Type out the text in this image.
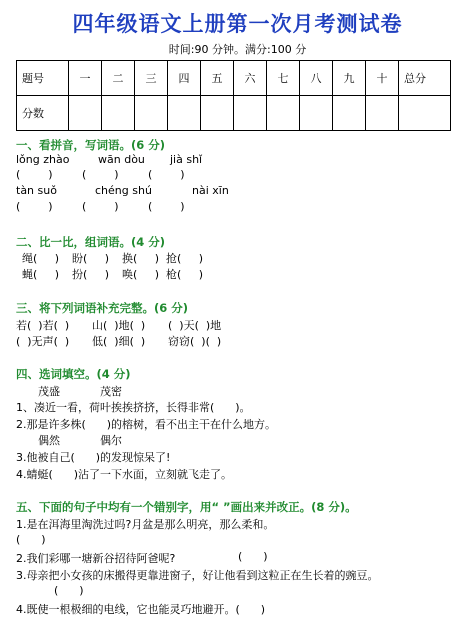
四年级语文上册第一次月考测试卷
时间:90 分钟。满分:100 分
题号	一	二	三	四	五	六	七	八	九	十	总分
分数											
一、看拼音，写词语。(6 分)
lǒng zhào	wān dòu jià shǐ
(        )	(        )	(        )
tàn suǒ	chéng shú	nài xīn
(        )	(        )	(        )
二、比一比，组词语。(4 分)
绳(     ) 盼(     ) 换(     ) 抢(     )
蝇(     ) 扮(     ) 唤(     ) 枪(     )
三、将下列词语补充完整。(6 分)
若(  )若(  ) 山(  )地(  ) (  )天(  )地
(  )无声(  ) 低(  )细(  ) 窃窃(  )(  )
四、选词填空。(4 分)
茂盛	茂密
1、凑近一看，荷叶挨挨挤挤，长得非常(      )。
2.那是许多株(      )的榕树，看不出主干在什么地方。
偶然	偶尔
3.他被自己(      )的发现惊呆了!
4.蜻蜓(      )沾了一下水面，立刻就飞走了。
五、下面的句子中均有一个错别字，用“ ”画出来并改正。(8 分)。
1.是在洱海里淘洗过吗?月盆是那么明亮，那么柔和。
(      )
2.我们彩哪一塘新谷招待阿爸呢?	(      )
3.母亲把小女孩的床搬得更靠进窗子，好让他看到这粒正在生长着的豌豆。
(      )
4.既使一根极细的电线，它也能灵巧地避开。(      )
